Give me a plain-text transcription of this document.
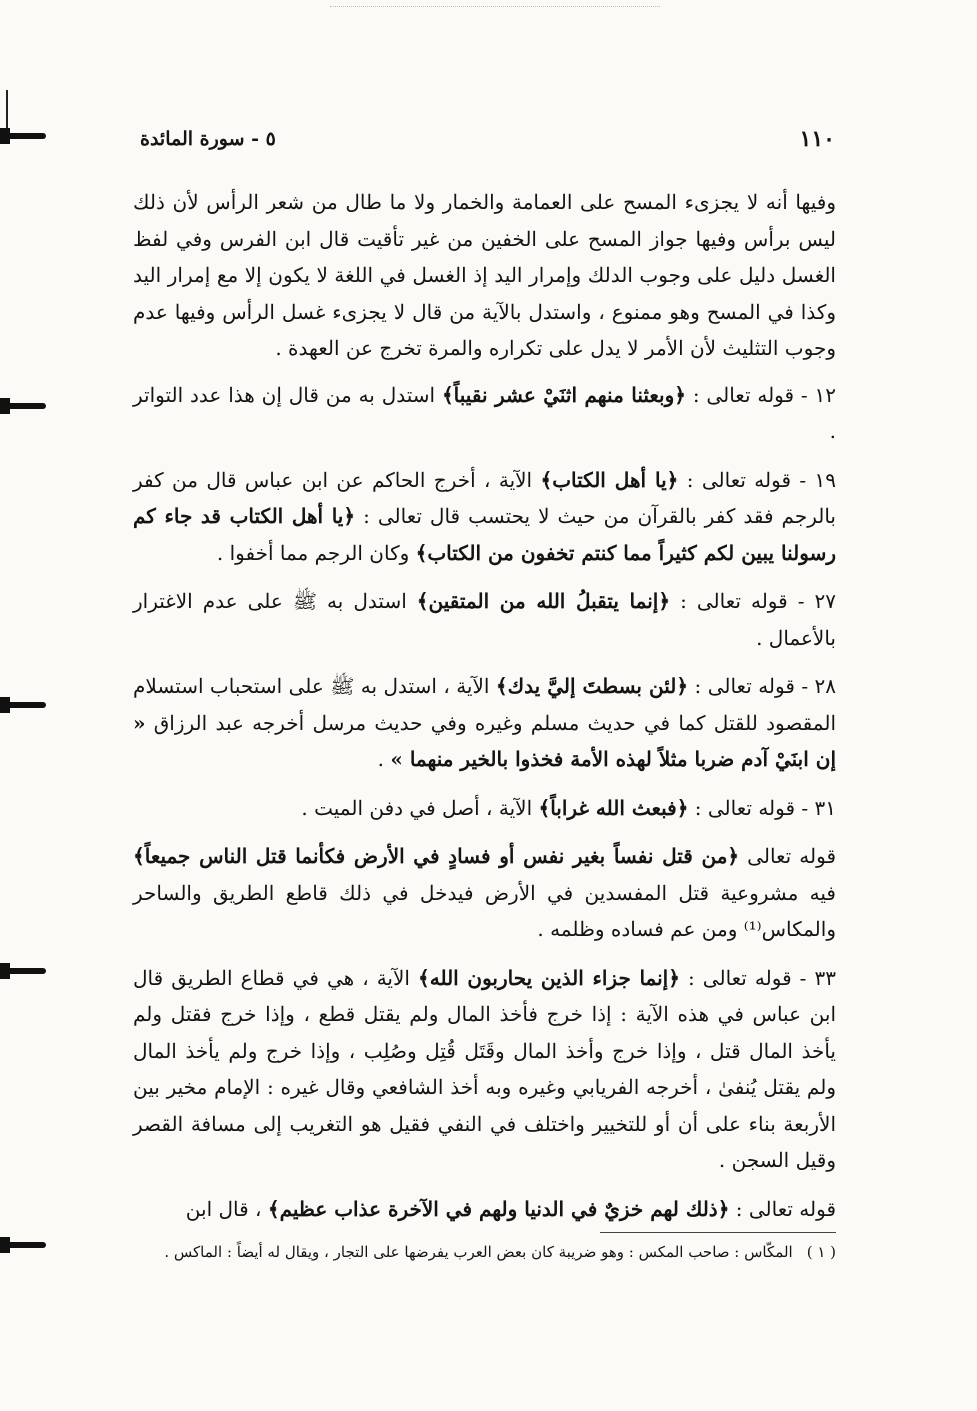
١١٠
٥ - سورة المائدة

وفيها أنه لا يجزىء المسح على العمامة والخمار ولا ما طال من شعر الرأس لأن ذلك ليس برأس وفيها جواز المسح على الخفين من غير تأقيت قال ابن الفرس وفي لفظ الغسل دليل على وجوب الدلك وإمرار اليد إذ الغسل في اللغة لا يكون إلا مع إمرار اليد وكذا في المسح وهو ممنوع ، واستدل بالآية من قال لا يجزىء غسل الرأس وفيها عدم وجوب التثليث لأن الأمر لا يدل على تكراره والمرة تخرج عن العهدة .

١٢ - قوله تعالى : ﴿وبعثنا منهم اثنَيْ عشر نقيباً﴾ استدل به من قال إن هذا عدد التواتر .

١٩ - قوله تعالى : ﴿يا أهل الكتاب﴾ الآية ، أخرج الحاكم عن ابن عباس قال من كفر بالرجم فقد كفر بالقرآن من حيث لا يحتسب قال تعالى : ﴿يا أهل الكتاب قد جاء كم رسولنا يبين لكم كثيراً مما كنتم تخفون من الكتاب﴾ وكان الرجم مما أخفوا .

٢٧ - قوله تعالى : ﴿إنما يتقبلُ الله من المتقين﴾ استدل به ﷺ على عدم الاغترار بالأعمال .

٢٨ - قوله تعالى : ﴿لئن بسطتَ إليَّ يدك﴾ الآية ، استدل به ﷺ على استحباب استسلام المقصود للقتل كما في حديث مسلم وغيره وفي حديث مرسل أخرجه عبد الرزاق « إن ابنَيْ آدم ضربا مثلاً لهذه الأمة فخذوا بالخير منهما » .

٣١ - قوله تعالى : ﴿فبعث الله غراباً﴾ الآية ، أصل في دفن الميت .

قوله تعالى ﴿من قتل نفساً بغير نفس أو فسادٍ في الأرض فكأنما قتل الناس جميعاً﴾ فيه مشروعية قتل المفسدين في الأرض فيدخل في ذلك قاطع الطريق والساحر والمكاس⁽¹⁾ ومن عم فساده وظلمه .

٣٣ - قوله تعالى : ﴿إنما جزاء الذين يحاربون الله﴾ الآية ، هي في قطاع الطريق قال ابن عباس في هذه الآية : إذا خرج فأخذ المال ولم يقتل قطع ، وإذا خرج فقتل ولم يأخذ المال قتل ، وإذا خرج وأخذ المال وقَتَل قُتِل وصُلِب ، وإذا خرج ولم يأخذ المال ولم يقتل يُنفىٰ ، أخرجه الفريابي وغيره وبه أخذ الشافعي وقال غيره : الإمام مخير بين الأربعة بناء على أن أو للتخيير واختلف في النفي فقيل هو التغريب إلى مسافة القصر وقيل السجن .

قوله تعالى : ﴿ذلك لهم خزيٌ في الدنيا ولهم في الآخرة عذاب عظيم﴾ ، قال ابن

( ١ )المكّاس : صاحب المكس : وهو ضريبة كان بعض العرب يفرضها على التجار ، ويقال له أيضاً : الماكس .
